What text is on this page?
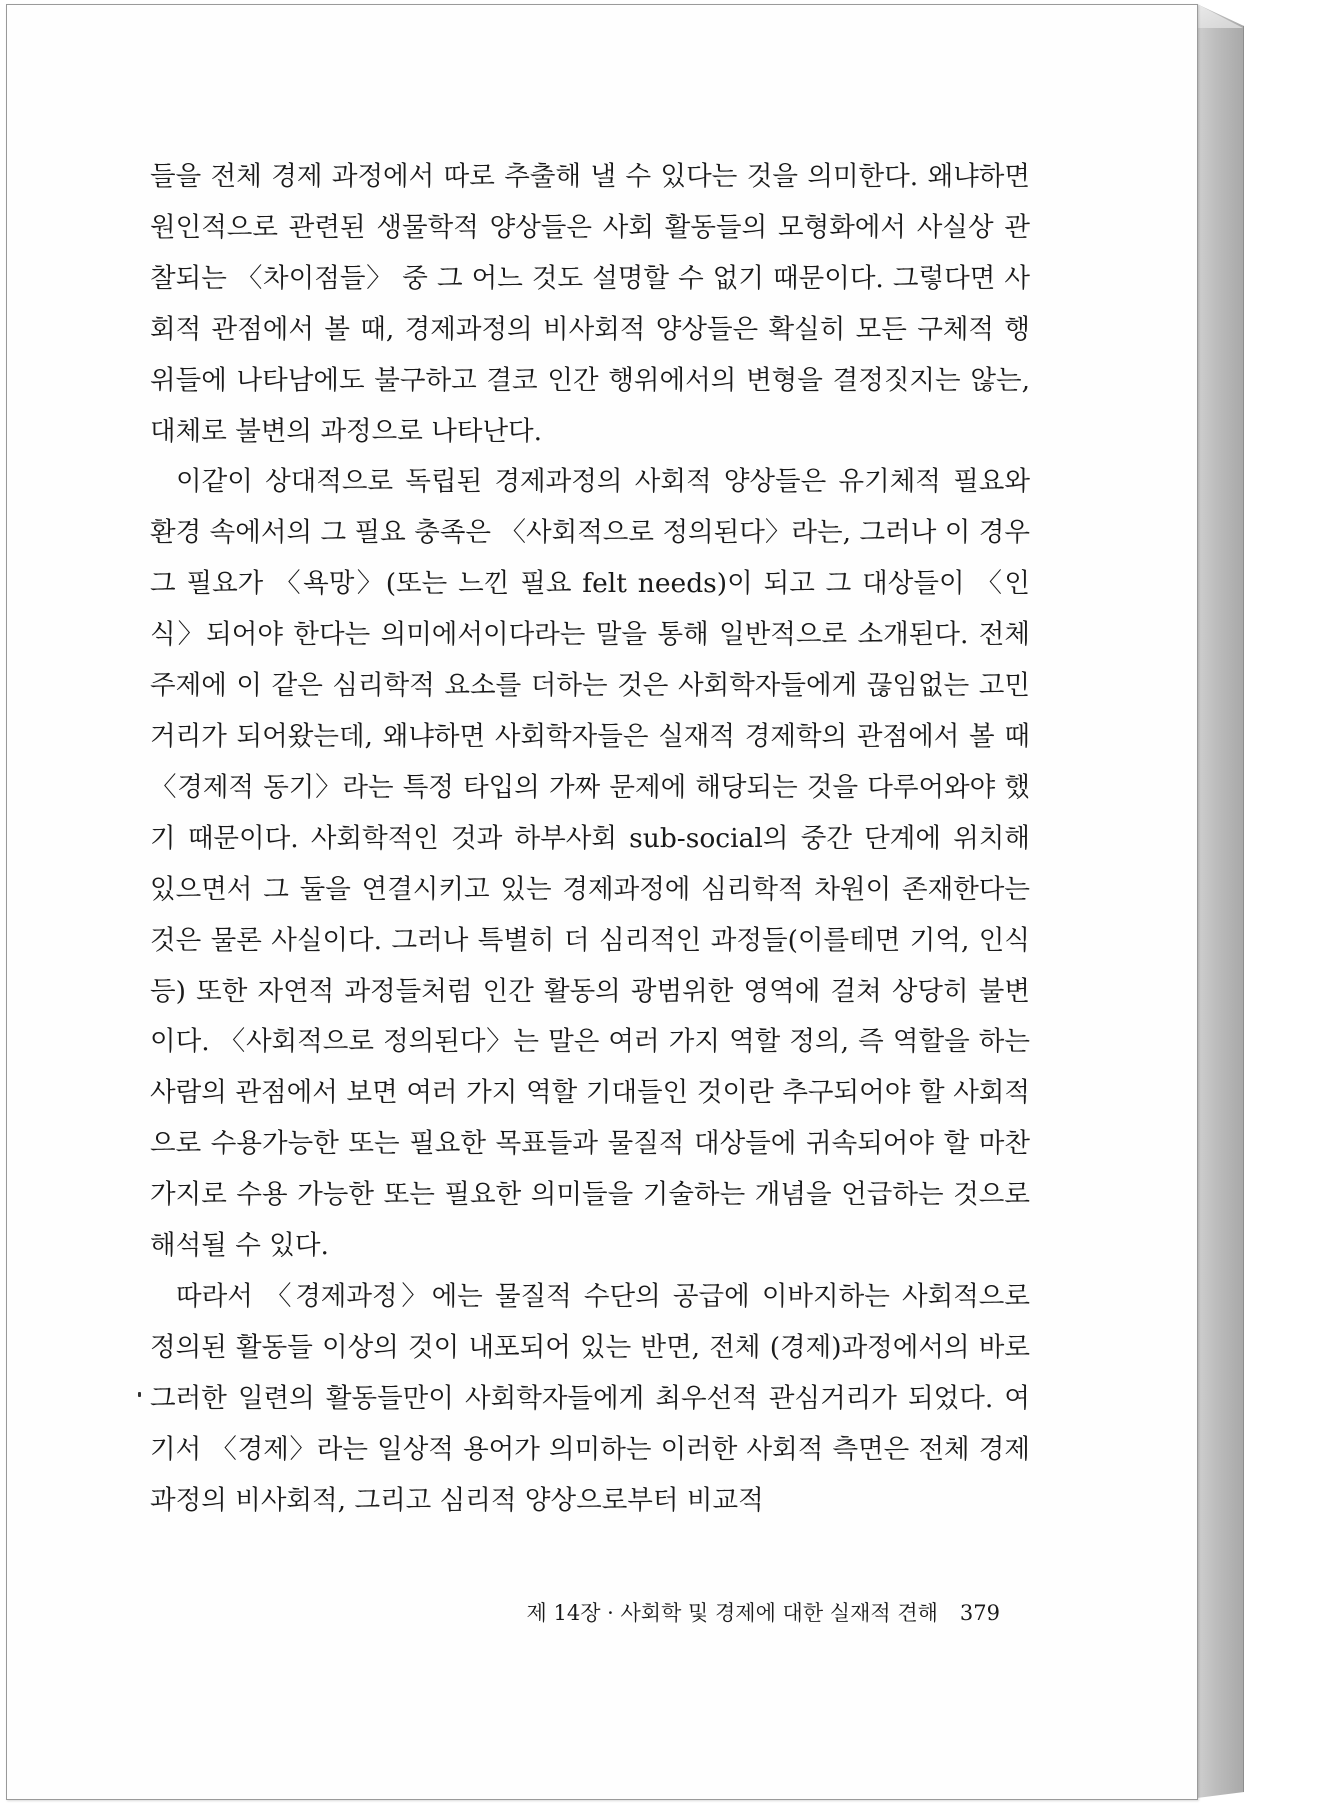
들을 전체 경제 과정에서 따로 추출해 낼 수 있다는 것을 의미한다. 왜냐하면 원인적으로 관련된 생물학적 양상들은 사회 활동들의 모형화에서 사실상 관찰되는 〈차이점들〉 중 그 어느 것도 설명할 수 없기 때문이다. 그렇다면 사회적 관점에서 볼 때, 경제과정의 비사회적 양상들은 확실히 모든 구체적 행위들에 나타남에도 불구하고 결코 인간 행위에서의 변형을 결정짓지는 않는, 대체로 불변의 과정으로 나타난다.

이같이 상대적으로 독립된 경제과정의 사회적 양상들은 유기체적 필요와 환경 속에서의 그 필요 충족은 〈사회적으로 정의된다〉라는, 그러나 이 경우 그 필요가 〈욕망〉(또는 느낀 필요 felt needs)이 되고 그 대상들이 〈인식〉되어야 한다는 의미에서이다라는 말을 통해 일반적으로 소개된다. 전체 주제에 이 같은 심리학적 요소를 더하는 것은 사회학자들에게 끊임없는 고민거리가 되어왔는데, 왜냐하면 사회학자들은 실재적 경제학의 관점에서 볼 때 〈경제적 동기〉라는 특정 타입의 가짜 문제에 해당되는 것을 다루어와야 했기 때문이다. 사회학적인 것과 하부사회 sub-social의 중간 단계에 위치해 있으면서 그 둘을 연결시키고 있는 경제과정에 심리학적 차원이 존재한다는 것은 물론 사실이다. 그러나 특별히 더 심리적인 과정들(이를테면 기억, 인식 등) 또한 자연적 과정들처럼 인간 활동의 광범위한 영역에 걸쳐 상당히 불변이다. 〈사회적으로 정의된다〉는 말은 여러 가지 역할 정의, 즉 역할을 하는 사람의 관점에서 보면 여러 가지 역할 기대들인 것이란 추구되어야 할 사회적으로 수용가능한 또는 필요한 목표들과 물질적 대상들에 귀속되어야 할 마찬가지로 수용 가능한 또는 필요한 의미들을 기술하는 개념을 언급하는 것으로 해석될 수 있다.

따라서 〈경제과정〉에는 물질적 수단의 공급에 이바지하는 사회적으로 정의된 활동들 이상의 것이 내포되어 있는 반면, 전체 (경제)과정에서의 바로 그러한 일련의 활동들만이 사회학자들에게 최우선적 관심거리가 되었다. 여기서 〈경제〉라는 일상적 용어가 의미하는 이러한 사회적 측면은 전체 경제과정의 비사회적, 그리고 심리적 양상으로부터 비교적

제 14장 · 사회학 및 경제에 대한 실재적 견해 379
